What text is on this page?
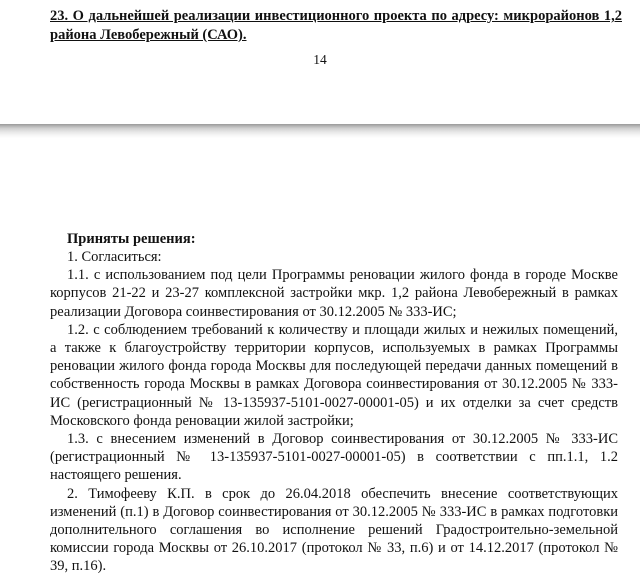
23. О дальнейшей реализации инвестиционного проекта по адресу: микрорайонов 1,2 района Левобережный (САО).
14
Приняты решения:

1. Согласиться:

1.1. с использованием под цели Программы реновации жилого фонда в городе Москве корпусов 21-22 и 23-27 комплексной застройки мкр. 1,2 района Левобережный в рамках реализации Договора соинвестирования от 30.12.2005 № 333-ИС;

1.2. с соблюдением требований к количеству и площади жилых и нежилых помещений, а также к благоустройству территории корпусов, используемых в рамках Программы реновации жилого фонда города Москвы для последующей передачи данных помещений в собственность города Москвы в рамках Договора соинвестирования от 30.12.2005 № 333-ИС (регистрационный № 13-135937-5101-0027-00001-05) и их отделки за счет средств Московского фонда реновации жилой застройки;

1.3. с внесением изменений в Договор соинвестирования от 30.12.2005 № 333-ИС (регистрационный № 13-135937-5101-0027-00001-05) в соответствии с пп.1.1, 1.2 настоящего решения.

2. Тимофееву К.П. в срок до 26.04.2018 обеспечить внесение соответствующих изменений (п.1) в Договор соинвестирования от 30.12.2005 № 333-ИС в рамках подготовки дополнительного соглашения во исполнение решений Градостроительно-земельной комиссии города Москвы от 26.10.2017 (протокол № 33, п.6) и от 14.12.2017 (протокол № 39, п.16).
